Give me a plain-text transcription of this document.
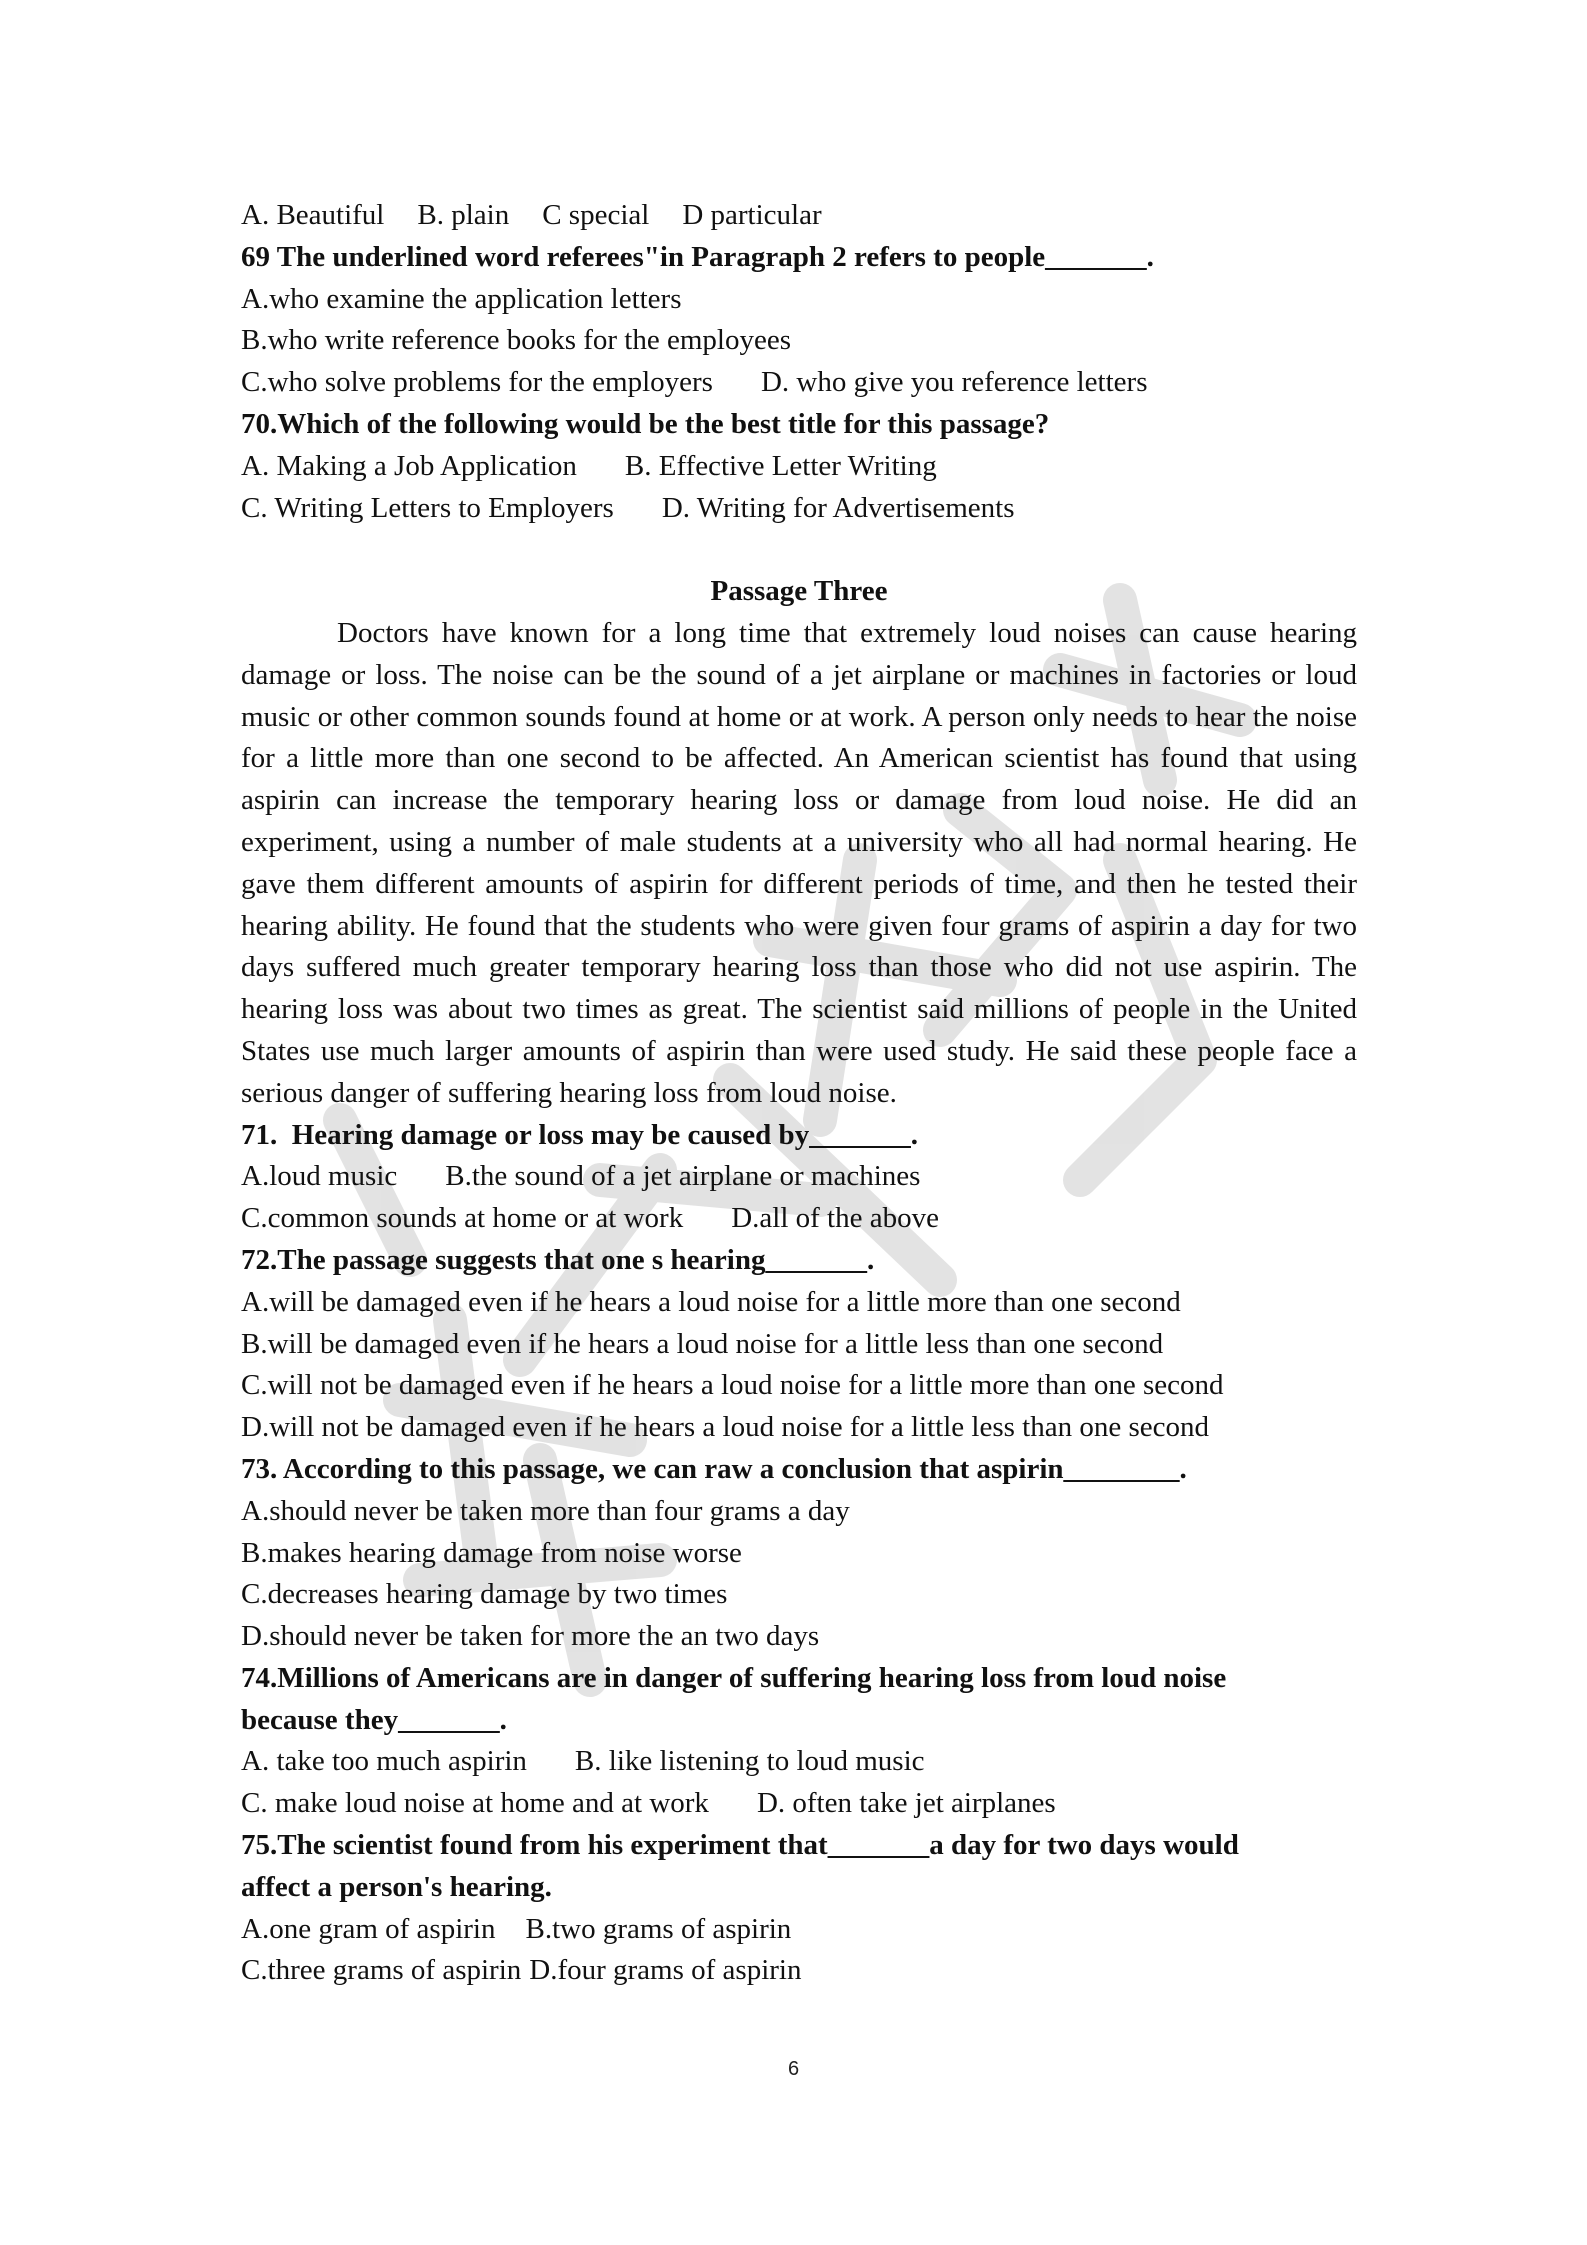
A. Beautiful B. plain C special D particular
69 The underlined word referees"in Paragraph 2 refers to people_______.
A.who examine the application letters
B.who write reference books for the employees
C.who solve problems for the employers D. who give you reference letters
70.Which of the following would be the best title for this passage?
A. Making a Job Application B. Effective Letter Writing
C. Writing Letters to Employers D. Writing for Advertisements
Passage Three
Doctors have known for a long time that extremely loud noises can cause hearing damage or loss. The noise can be the sound of a jet airplane or machines in factories or loud music or other common sounds found at home or at work. A person only needs to hear the noise for a little more than one second to be affected. An American scientist has found that using aspirin can increase the temporary hearing loss or damage from loud noise. He did an experiment, using a number of male students at a university who all had normal hearing. He gave them different amounts of aspirin for different periods of time, and then he tested their hearing ability. He found that the students who were given four grams of aspirin a day for two days suffered much greater temporary hearing loss than those who did not use aspirin. The hearing loss was about two times as great. The scientist said millions of people in the United States use much larger amounts of aspirin than were used study. He said these people face a serious danger of suffering hearing loss from loud noise.
71.  Hearing damage or loss may be caused by_______.
A.loud music B.the sound of a jet airplane or machines
C.common sounds at home or at work D.all of the above
72.The passage suggests that one s hearing_______.
A.will be damaged even if he hears a loud noise for a little more than one second
B.will be damaged even if he hears a loud noise for a little less than one second
C.will not be damaged even if he hears a loud noise for a little more than one second
D.will not be damaged even if he hears a loud noise for a little less than one second
73. According to this passage, we can raw a conclusion that aspirin________.
A.should never be taken more than four grams a day
B.makes hearing damage from noise worse
C.decreases hearing damage by two times
D.should never be taken for more the an two days
74.Millions of Americans are in danger of suffering hearing loss from loud noise
because they_______.
A. take too much aspirin B. like listening to loud music
C. make loud noise at home and at work D. often take jet airplanes
75.The scientist found from his experiment that_______a day for two days would
affect a person's hearing.
A.one gram of aspirin B.two grams of aspirin
C.three grams of aspirin D.four grams of aspirin
6
